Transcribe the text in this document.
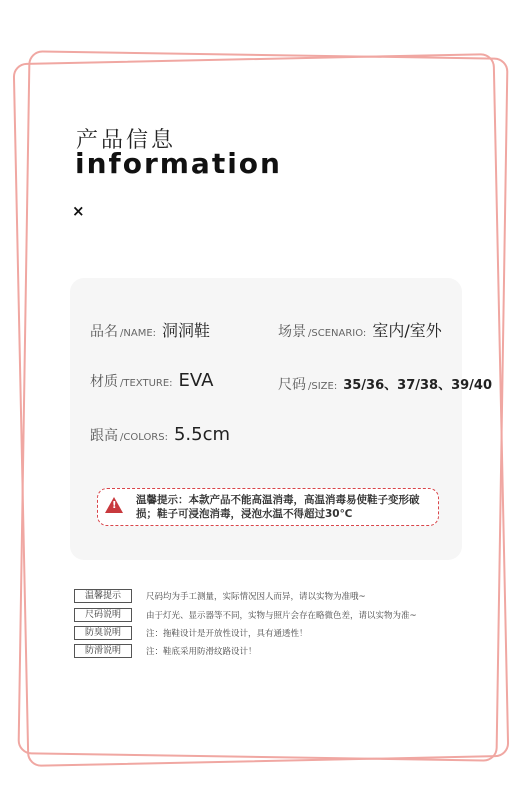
产品信息
information
×
品名 /NAME: 洞洞鞋	场景 /SCENARIO: 室内/室外
材质 /TEXTURE: EVA	尺码 /SIZE: 35/36、37/38、39/40
跟高 /COLORS: 5.5cm
! 温馨提示：本款产品不能高温消毒，高温消毒易使鞋子变形破损；鞋子可浸泡消毒，浸泡水温不得超过30℃
温馨提示	尺码均为手工测量，实际情况因人而异，请以实物为准哦~
尺码说明	由于灯光、显示器等不同，实物与照片会存在略微色差，请以实物为准~
防臭说明	注：拖鞋设计是开放性设计，具有通透性！
防滑说明	注：鞋底采用防滑纹路设计！
